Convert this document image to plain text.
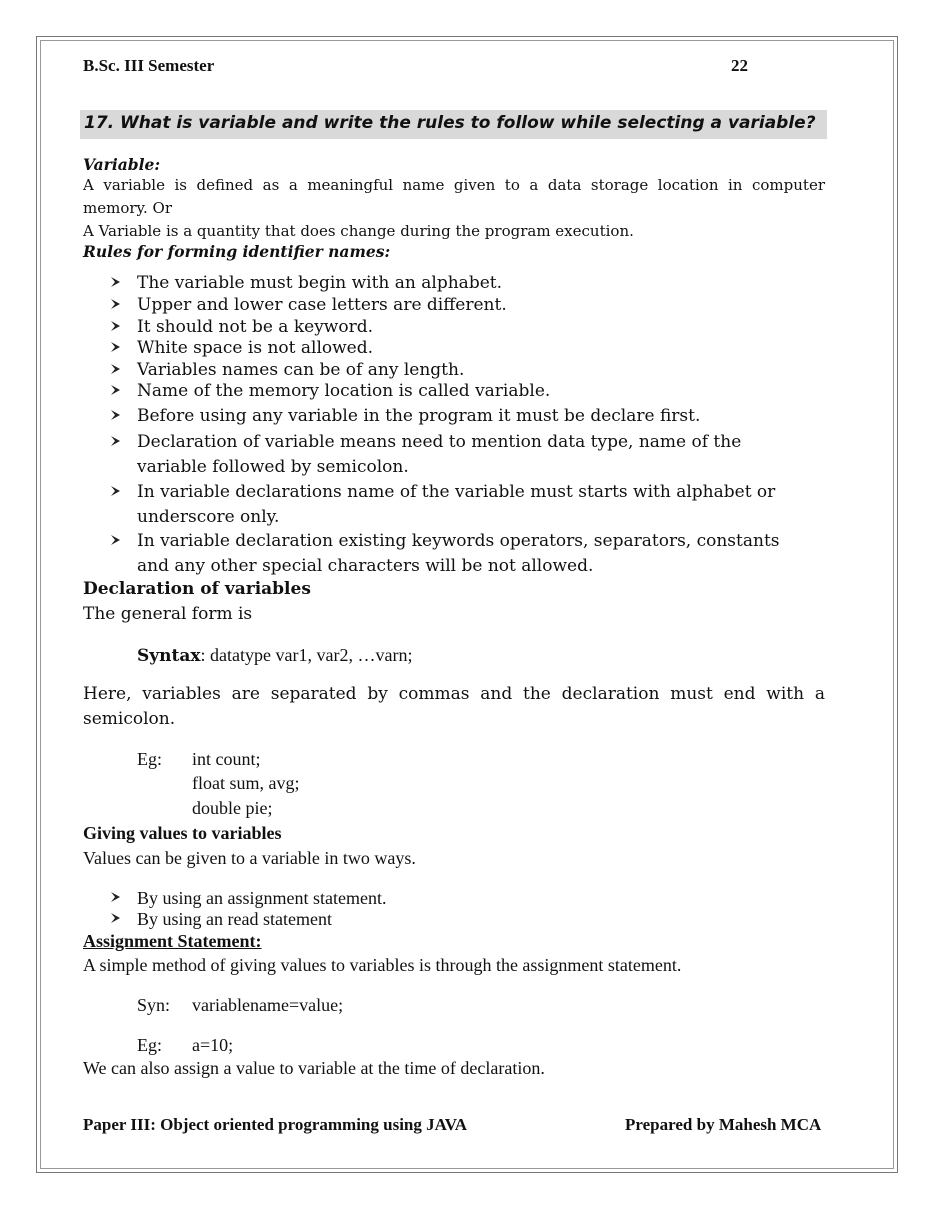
B.Sc. III Semester	22
17. What is variable and write the rules to follow while selecting a variable?
Variable:
A variable is defined as a meaningful name given to a data storage location in computer
memory. Or
A Variable is a quantity that does change during the program execution.
Rules for forming identifier names:
The variable must begin with an alphabet.
Upper and lower case letters are different.
It should not be a keyword.
White space is not allowed.
Variables names can be of any length.
Name of the memory location is called variable.
Before using any variable in the program it must be declare first.
Declaration of variable means need to mention data type, name of the
variable followed by semicolon.
In variable declarations name of the variable must starts with alphabet or
underscore only.
In variable declaration existing keywords operators, separators, constants
and any other special characters will be not allowed.
Declaration of variables
The general form is
Syntax: datatype var1, var2, …varn;
Here, variables are separated by commas and the declaration must end with a
semicolon.
Eg: int count;
float sum, avg;
double pie;
Giving values to variables
Values can be given to a variable in two ways.
By using an assignment statement.
By using an read statement
Assignment Statement:
A simple method of giving values to variables is through the assignment statement.
Syn: variablename=value;
Eg: a=10;
We can also assign a value to variable at the time of declaration.
Paper III: Object oriented programming using JAVA	Prepared by Mahesh MCA
